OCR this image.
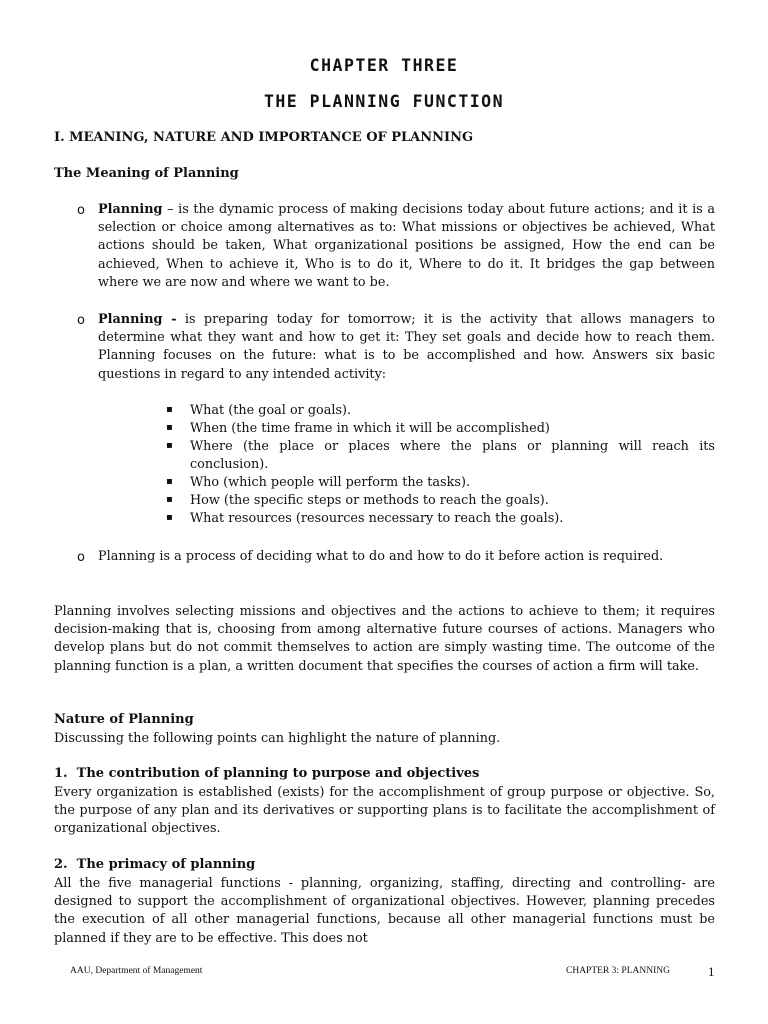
CHAPTER THREE
THE PLANNING FUNCTION
I. MEANING, NATURE AND IMPORTANCE OF PLANNING
The Meaning of Planning
o Planning – is the dynamic process of making decisions today about future actions; and it is a selection or choice among alternatives as to: What missions or objectives be achieved, What actions should be taken, What organizational positions be assigned, How the end can be achieved, When to achieve it, Who is to do it, Where to do it. It bridges the gap between where we are now and where we want to be.
o Planning - is preparing today for tomorrow; it is the activity that allows managers to determine what they want and how to get it: They set goals and decide how to reach them. Planning focuses on the future: what is to be accomplished and how. Answers six basic questions in regard to any intended activity:
▪ What (the goal or goals).
▪ When (the time frame in which it will be accomplished)
▪ Where (the place or places where the plans or planning will reach its conclusion).
▪ Who (which people will perform the tasks).
▪ How (the specific steps or methods to reach the goals).
▪ What resources (resources necessary to reach the goals).
o Planning is a process of deciding what to do and how to do it before action is required.
Planning involves selecting missions and objectives and the actions to achieve to them; it requires decision-making that is, choosing from among alternative future courses of actions. Managers who develop plans but do not commit themselves to action are simply wasting time. The outcome of the planning function is a plan, a written document that specifies the courses of action a firm will take.
Nature of Planning
Discussing the following points can highlight the nature of planning.
1. The contribution of planning to purpose and objectives
Every organization is established (exists) for the accomplishment of group purpose or objective. So, the purpose of any plan and its derivatives or supporting plans is to facilitate the accomplishment of organizational objectives.
2. The primacy of planning
All the five managerial functions - planning, organizing, staffing, directing and controlling- are designed to support the accomplishment of organizational objectives. However, planning precedes the execution of all other managerial functions, because all other managerial functions must be planned if they are to be effective. This does not
AAU, Department of Management	CHAPTER 3: PLANNING	1
